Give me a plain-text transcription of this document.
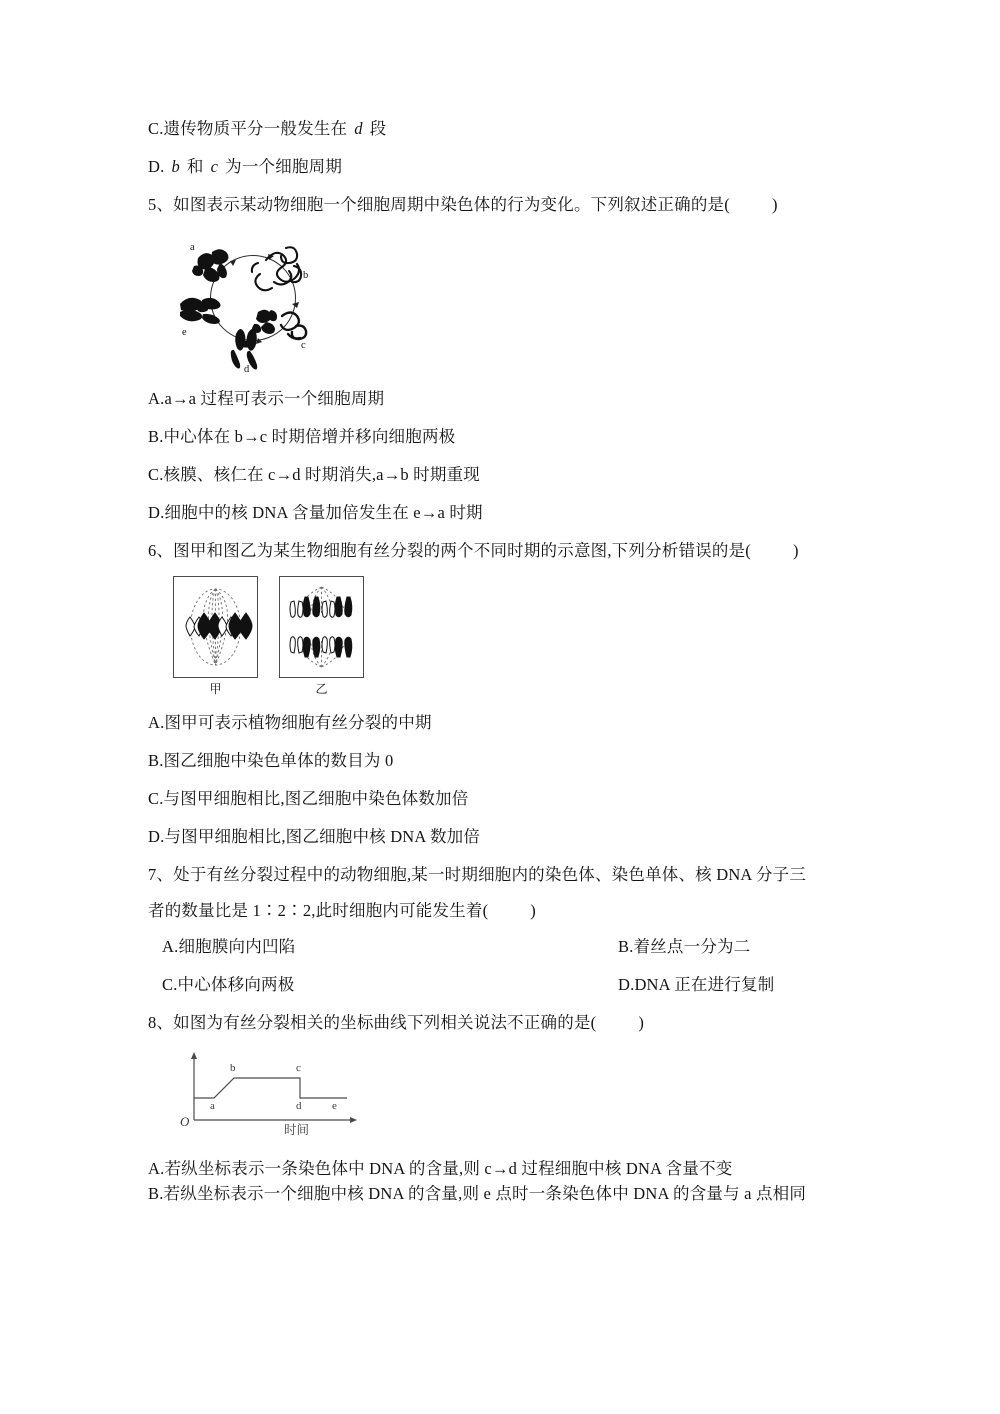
C.遗传物质平分一般发生在 d 段
D. b 和 c 为一个细胞周期
5、如图表示某动物细胞一个细胞周期中染色体的行为变化。下列叙述正确的是(	)
a
b
c
d
e
A.a→a 过程可表示一个细胞周期
B.中心体在 b→c 时期倍增并移向细胞两极
C.核膜、核仁在 c→d 时期消失,a→b 时期重现
D.细胞中的核 DNA 含量加倍发生在 e→a 时期
6、图甲和图乙为某生物细胞有丝分裂的两个不同时期的示意图,下列分析错误的是(	)
甲	乙
A.图甲可表示植物细胞有丝分裂的中期
B.图乙细胞中染色单体的数目为 0
C.与图甲细胞相比,图乙细胞中染色体数加倍
D.与图甲细胞相比,图乙细胞中核 DNA 数加倍
7、处于有丝分裂过程中的动物细胞,某一时期细胞内的染色体、染色单体、核 DNA 分子三
者的数量比是 1∶2∶2,此时细胞内可能发生着(	)
A.细胞膜向内凹陷	B.着丝点一分为二
C.中心体移向两极	D.DNA 正在进行复制
8、如图为有丝分裂相关的坐标曲线下列相关说法不正确的是(	)
a
b	c
d	e
O
时间
A.若纵坐标表示一条染色体中 DNA 的含量,则 c→d 过程细胞中核 DNA 含量不变
B.若纵坐标表示一个细胞中核 DNA 的含量,则 e 点时一条染色体中 DNA 的含量与 a 点相同
